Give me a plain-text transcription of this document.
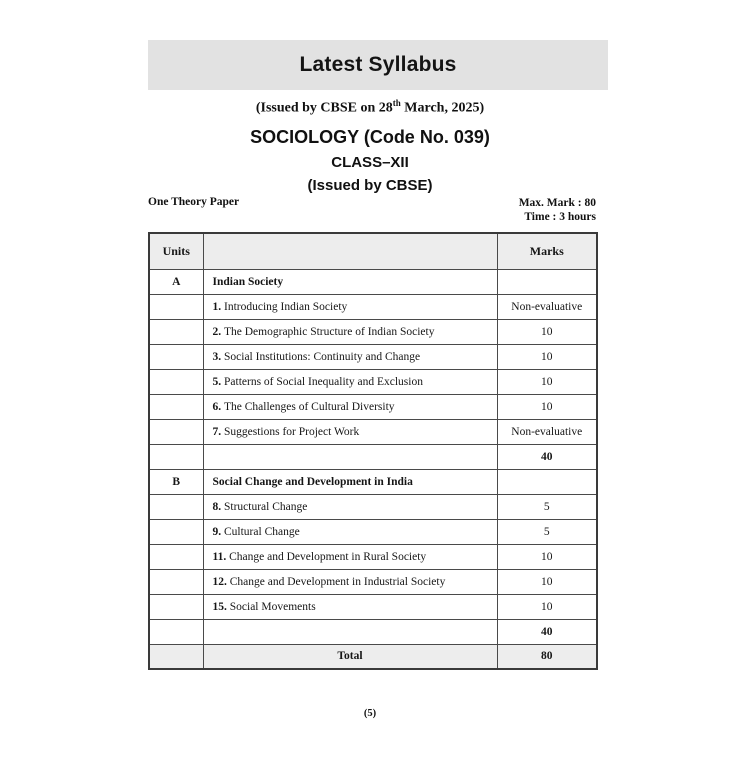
Latest Syllabus
(Issued by CBSE on 28th March, 2025)
SOCIOLOGY (Code No. 039)
CLASS–XII
(Issued by CBSE)
One Theory Paper	Max. Mark : 80
Time : 3 hours
Units		Marks
A	Indian Society	
	1. Introducing Indian Society	Non-evaluative
	2. The Demographic Structure of Indian Society	10
	3. Social Institutions: Continuity and Change	10
	5. Patterns of Social Inequality and Exclusion	10
	6. The Challenges of Cultural Diversity	10
	7. Suggestions for Project Work	Non-evaluative
		40
B	Social Change and Development in India	
	8. Structural Change	5
	9. Cultural Change	5
	11. Change and Development in Rural Society	10
	12. Change and Development in Industrial Society	10
	15. Social Movements	10
		40
	Total	80
(5)
